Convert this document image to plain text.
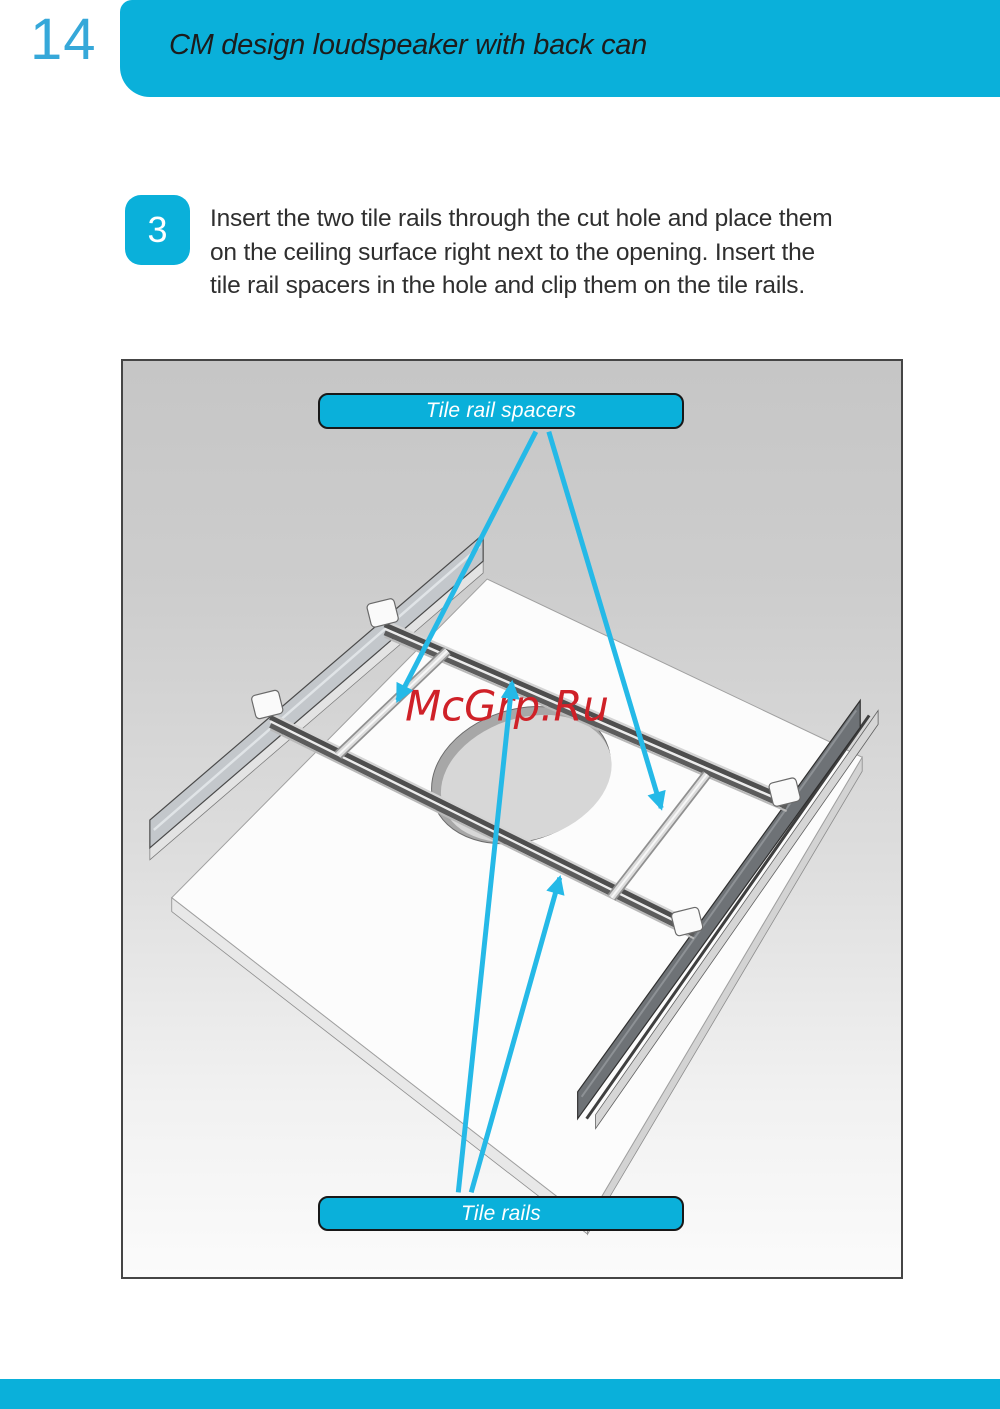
14	CM design loudspeaker with back can
3 Insert the two tile rails through the cut hole and place them
on the ceiling surface right next to the opening. Insert the
tile rail spacers in the hole and clip them on the tile rails.
McGrp.Ru
Tile rail spacers
Tile rails
